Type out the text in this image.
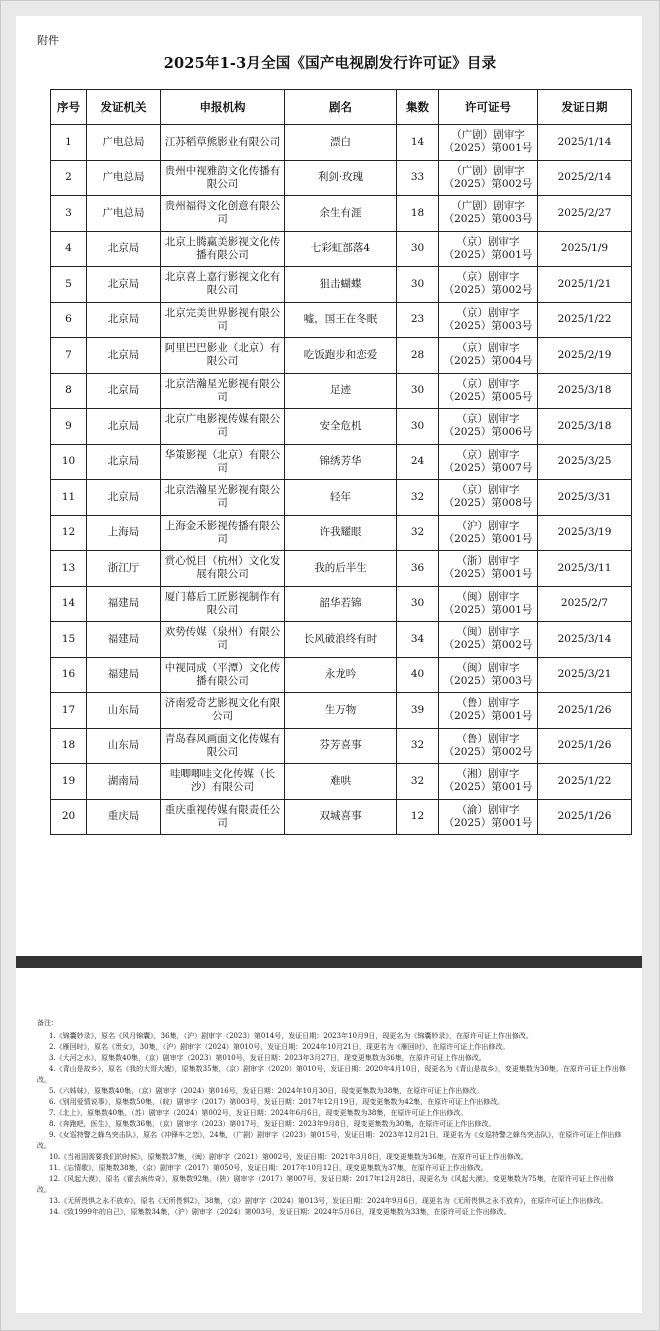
附件
2025年1-3月全国《国产电视剧发行许可证》目录
序号	发证机关	申报机构	剧名	集数	许可证号	发证日期
1	广电总局	江苏稻草熊影业有限公司	漂白	14	（广剧）剧审字（2025）第001号	2025/1/14
2	广电总局	贵州中视雅韵文化传播有限公司	利剑·玫瑰	33	（广剧）剧审字（2025）第002号	2025/2/14
3	广电总局	贵州福得文化创意有限公司	余生有涯	18	（广剧）剧审字（2025）第003号	2025/2/27
4	北京局	北京上腾赢美影视文化传播有限公司	七彩虹部落4	30	（京）剧审字（2025）第001号	2025/1/9
5	北京局	北京喜上嘉行影视文化有限公司	狙击蝴蝶	30	（京）剧审字（2025）第002号	2025/1/21
6	北京局	北京完美世界影视有限公司	嘘，国王在冬眠	23	（京）剧审字（2025）第003号	2025/1/22
7	北京局	阿里巴巴影业（北京）有限公司	吃饭跑步和恋爱	28	（京）剧审字（2025）第004号	2025/2/19
8	北京局	北京浩瀚星光影视有限公司	足迹	30	（京）剧审字（2025）第005号	2025/3/18
9	北京局	北京广电影视传媒有限公司	安全危机	30	（京）剧审字（2025）第006号	2025/3/18
10	北京局	华策影视（北京）有限公司	锦绣芳华	24	（京）剧审字（2025）第007号	2025/3/25
11	北京局	北京浩瀚星光影视有限公司	轻年	32	（京）剧审字（2025）第008号	2025/3/31
12	上海局	上海金禾影视传播有限公司	许我耀眼	32	（沪）剧审字（2025）第001号	2025/3/19
13	浙江厅	赏心悦目（杭州）文化发展有限公司	我的后半生	36	（浙）剧审字（2025）第001号	2025/3/11
14	福建局	厦门幕后工匠影视制作有限公司	韶华若锦	30	（闽）剧审字（2025）第001号	2025/2/7
15	福建局	欢势传媒（泉州）有限公司	长风破浪终有时	34	（闽）剧审字（2025）第002号	2025/3/14
16	福建局	中视同成（平潭）文化传播有限公司	永龙吟	40	（闽）剧审字（2025）第003号	2025/3/21
17	山东局	济南爱奇艺影视文化有限公司	生万物	39	（鲁）剧审字（2025）第001号	2025/1/26
18	山东局	青岛春风画面文化传媒有限公司	芬芳喜事	32	（鲁）剧审字（2025）第002号	2025/1/26
19	湖南局	哇唧唧哇文化传媒（长沙）有限公司	难哄	32	（湘）剧审字（2025）第001号	2025/1/22
20	重庆局	重庆重视传媒有限责任公司	双城喜事	12	（渝）剧审字（2025）第001号	2025/1/26
备注：
1.《锦囊妙录》，原名《风月锦囊》，36集，（沪）剧审字（2023）第014号，发证日期：2023年10月9日，现更名为《锦囊妙录》，在原许可证上作出修改。
2.《雁回时》，原名《贵女》，30集，（沪）剧审字（2024）第010号，发证日期：2024年10月21日，现更名为《雁回时》，在原许可证上作出修改。
3.《大河之水》，原集数40集，（京）剧审字（2023）第010号，发证日期：2023年3月27日，现变更集数为36集，在原许可证上作出修改。
4.《青山是故乡》，原名《我的大哥大嫂》，原集数35集，（京）剧审字（2020）第010号，发证日期：2020年4月10日，现更名为《青山是故乡》，变更集数为30集，在原许可证上作出修改。
5.《六姊妹》，原集数40集，（京）剧审字（2024）第016号，发证日期：2024年10月30日，现变更集数为38集，在原许可证上作出修改。
6.《别用爱情说事》，原集数50集，（皖）剧审字（2017）第003号，发证日期：2017年12月19日，现变更集数为42集，在原许可证上作出修改。
7.《北上》，原集数40集，（苏）剧审字（2024）第002号，发证日期：2024年6月6日，现变更集数为38集，在原许可证上作出修改。
8.《奔跑吧，医生》，原集数36集，（京）剧审字（2023）第017号，发证日期：2023年9月8日，现变更集数为30集，在原许可证上作出修改。
9.《女巡特警之蜂鸟突击队》，原名《冲锋车之恋》，24集，（广剧）剧审字（2023）第015号，发证日期：2023年12月21日，现更名为《女巡特警之蜂鸟突击队》，在原许可证上作出修改。
10.《当祖国需要我们的时候》，原集数37集，（闽）剧审字（2021）第002号，发证日期：2021年3月8日，现变更集数为36集，在原许可证上作出修改。
11.《忘情歌》，原集数38集，（京）剧审字（2017）第050号，发证日期：2017年10月12日，现变更集数为37集，在原许可证上作出修改。
12.《风起大漠》，原名《霍去病传奇》，原集数92集，（陕）剧审字（2017）第007号，发证日期：2017年12月28日，现更名为《风起大漠》，变更集数为75集，在原许可证上作出修改。
13.《无所畏惧之永不放弃》，原名《无所畏惧2》，38集，（京）剧审字（2024）第013号，发证日期：2024年9月6日，现更名为《无所畏惧之永不放弃》，在原许可证上作出修改。
14.《致1999年的自己》，原集数34集，（沪）剧审字（2024）第003号，发证日期：2024年5月6日，现变更集数为33集，在原许可证上作出修改。
